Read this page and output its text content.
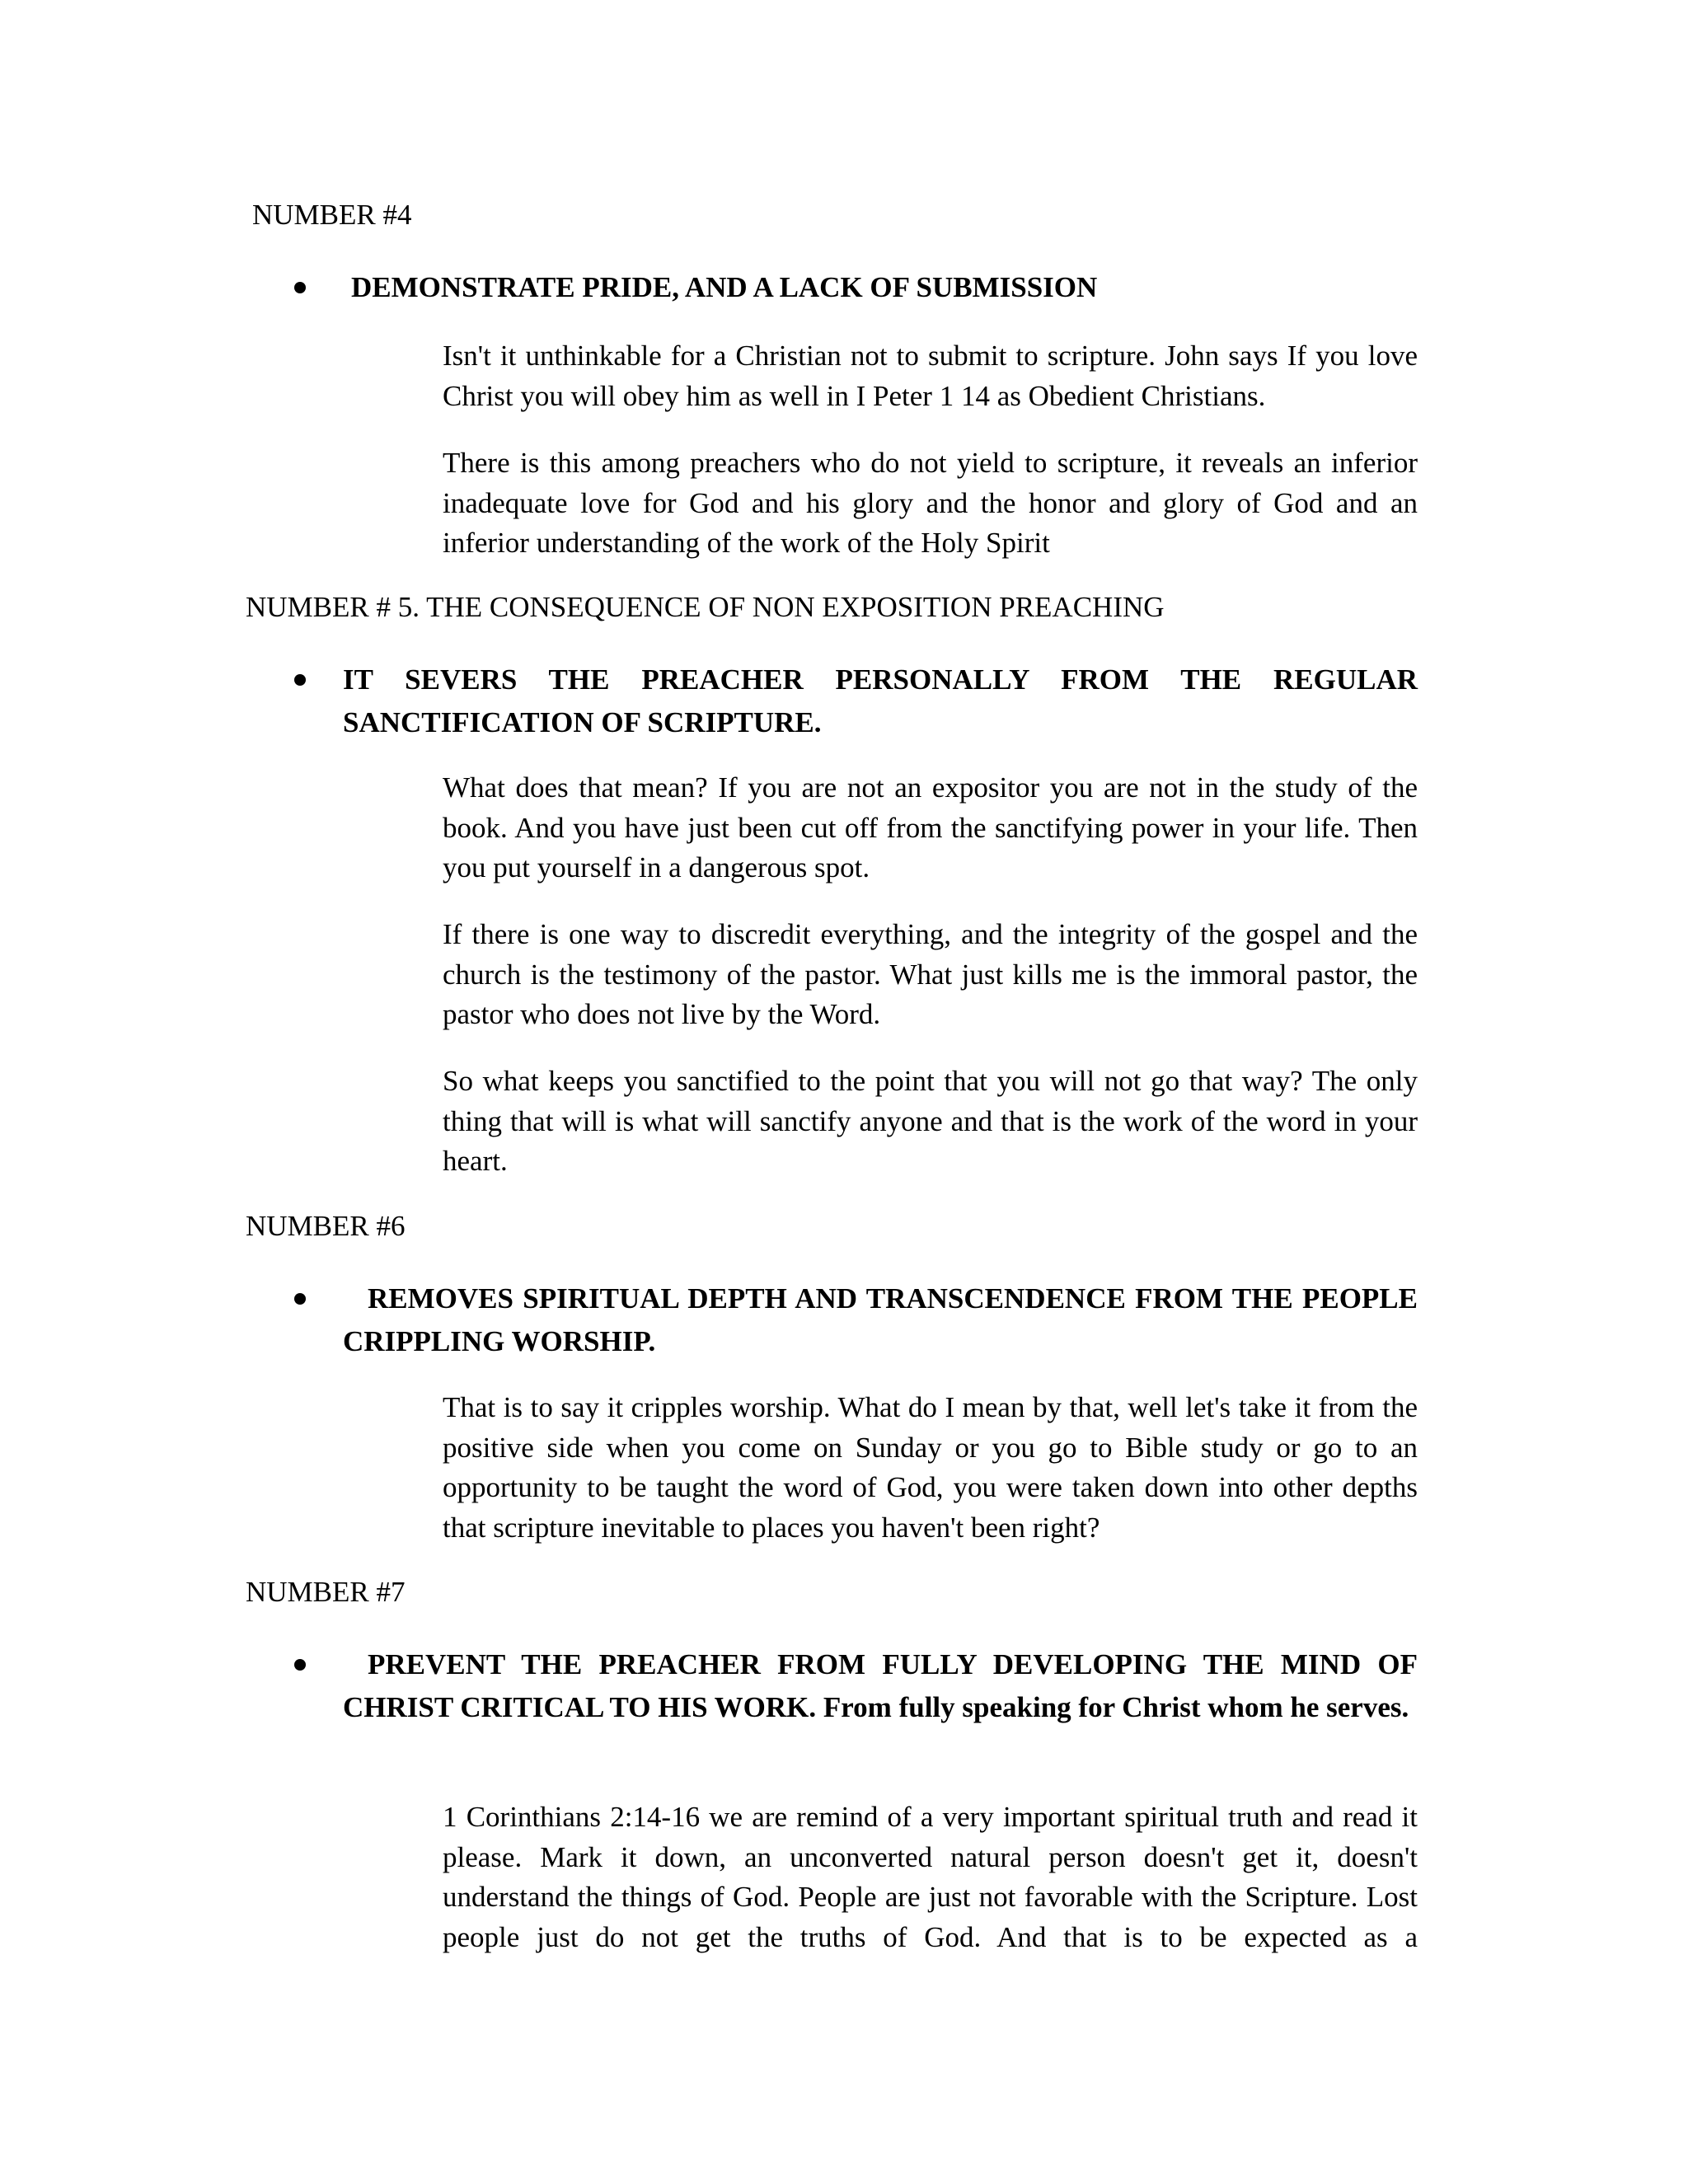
NUMBER #4
DEMONSTRATE PRIDE, AND A LACK OF SUBMISSION
Isn't it unthinkable for a Christian not to submit to scripture. John says If you love Christ you will obey him as well in I Peter 1 14 as Obedient Christians.
There is this among preachers who do not yield to scripture, it reveals an inferior inadequate love for God and his glory and the honor and glory of God and an inferior understanding of the work of the Holy Spirit
NUMBER # 5. THE CONSEQUENCE OF NON EXPOSITION PREACHING
IT SEVERS THE PREACHER PERSONALLY FROM THE REGULAR SANCTIFICATION OF SCRIPTURE.
What does that mean? If you are not an expositor you are not in the study of the book. And you have just been cut off from the sanctifying power in your life. Then you put yourself in a dangerous spot.
If there is one way to discredit everything, and the integrity of the gospel and the church is the testimony of the pastor. What just kills me is the immoral pastor, the pastor who does not live by the Word.
So what keeps you sanctified to the point that you will not go that way? The only thing that will is what will sanctify anyone and that is the work of the word in your heart.
NUMBER #6
REMOVES SPIRITUAL DEPTH AND TRANSCENDENCE FROM THE PEOPLE CRIPPLING WORSHIP.
That is to say it cripples worship. What do I mean by that, well let's take it from the positive side when you come on Sunday or you go to Bible study or go to an opportunity to be taught the word of God, you were taken down into other depths that scripture inevitable to places you haven't been right?
NUMBER #7
PREVENT THE PREACHER FROM FULLY DEVELOPING THE MIND OF CHRIST CRITICAL TO HIS WORK. From fully speaking for Christ whom he serves.
1 Corinthians 2:14-16 we are remind of a very important spiritual truth and read it please. Mark it down, an unconverted natural person doesn't get it, doesn't understand the things of God. People are just not favorable with the Scripture. Lost people just do not get the truths of God. And that is to be expected as a
